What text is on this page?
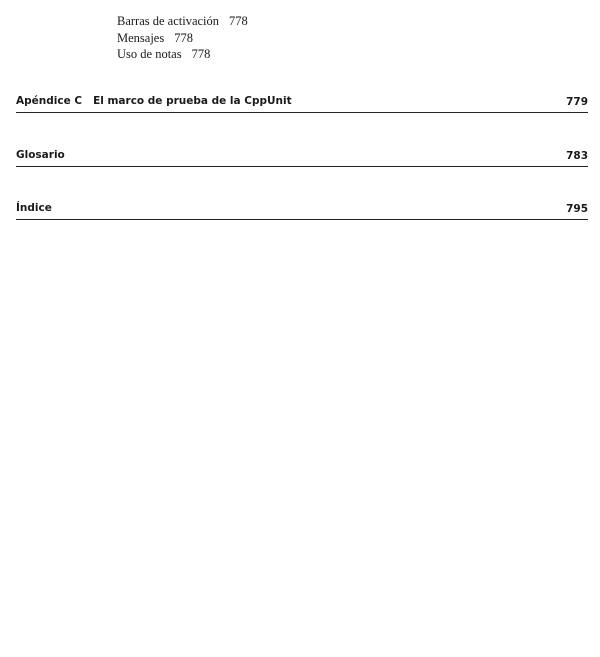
Barras de activación 778
Mensajes 778
Uso de notas 778
Apéndice C El marco de prueba de la CppUnit	779
Glosario	783
Índice	795
